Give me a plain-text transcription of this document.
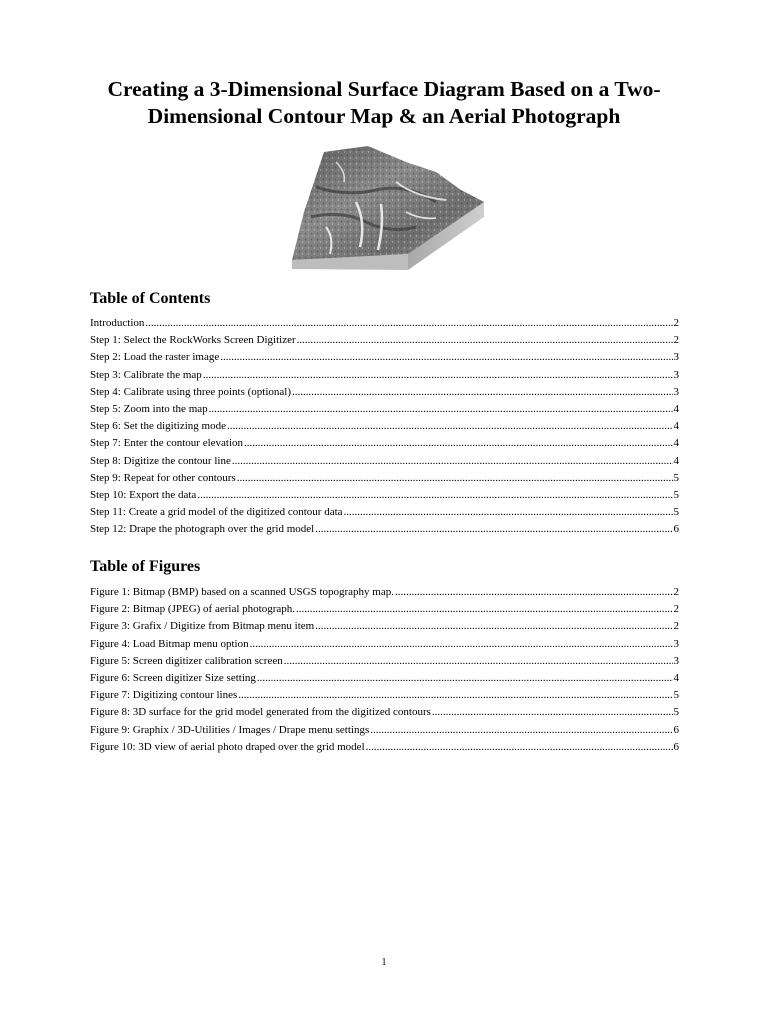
Creating a 3-Dimensional Surface Diagram Based on a Two-
Dimensional Contour Map & an Aerial Photograph
Table of Contents
Introduction .....	2
Step 1: Select the RockWorks Screen Digitizer .....	2
Step 2: Load the raster image .....	3
Step 3: Calibrate the map .....	3
Step 4: Calibrate using three points (optional) .....	3
Step 5: Zoom into the map .....	4
Step 6: Set the digitizing mode .....	4
Step 7: Enter the contour elevation .....	4
Step 8: Digitize the contour line .....	4
Step 9: Repeat for other contours .....	5
Step 10: Export the data .....	5
Step 11: Create a grid model of the digitized contour data .....	5
Step 12: Drape the photograph over the grid model .....	6
Table of Figures
Figure 1: Bitmap (BMP) based on a scanned USGS topography map. .....	2
Figure 2: Bitmap (JPEG) of aerial photograph. .....	2
Figure 3: Grafix / Digitize from Bitmap menu item .....	2
Figure 4: Load Bitmap menu option .....	3
Figure 5: Screen digitizer calibration screen .....	3
Figure 6: Screen digitizer Size setting .....	4
Figure 7: Digitizing contour lines .....	5
Figure 8: 3D surface for the grid model generated from the digitized contours .....	5
Figure 9: Graphix / 3D-Utilities / Images / Drape menu settings .....	6
Figure 10: 3D view of aerial photo draped over the grid model .....	6
1
